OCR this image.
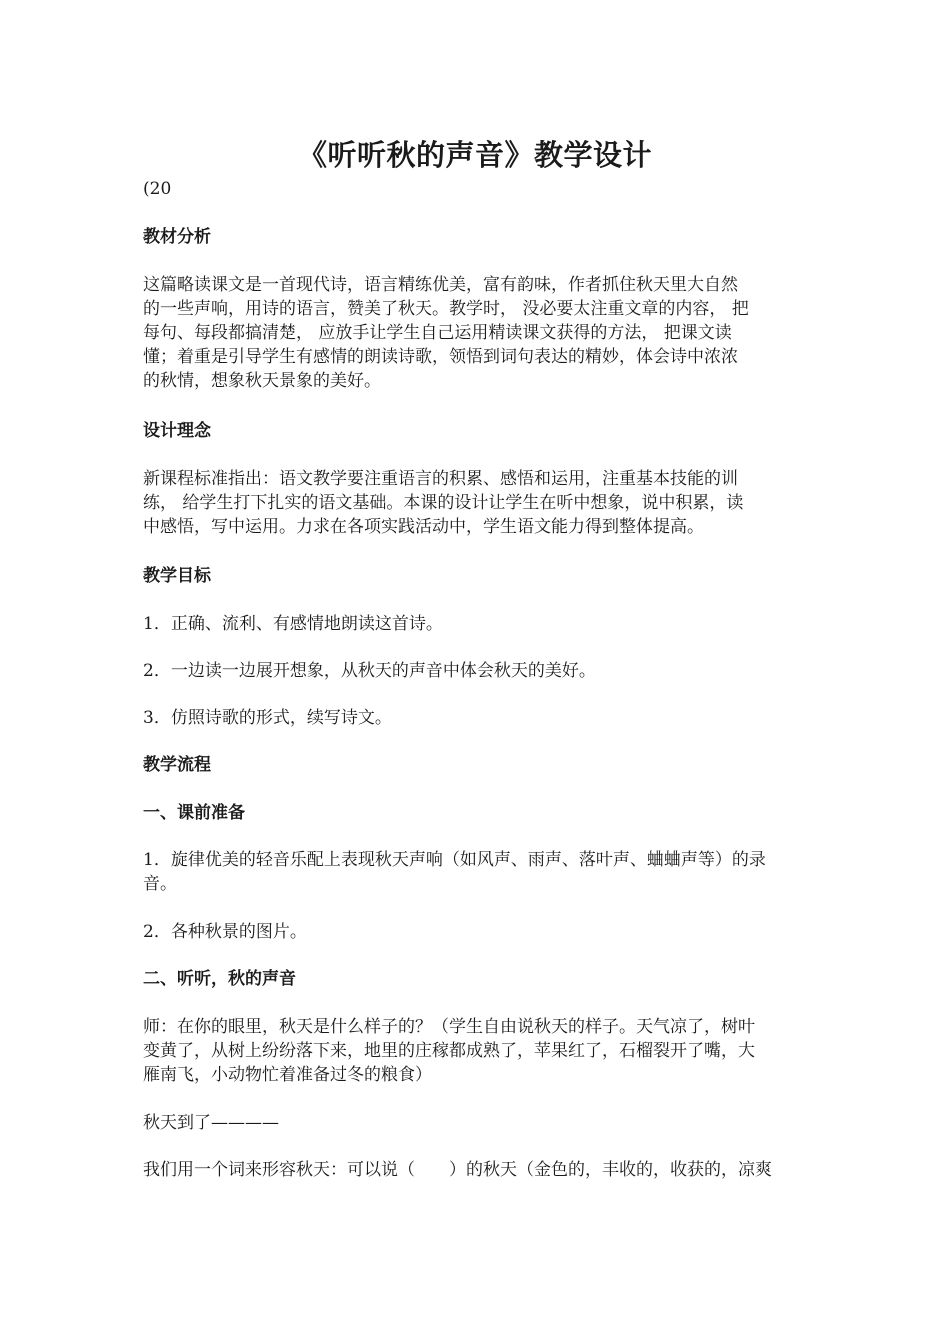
《听听秋的声音》教学设计
(20
教材分析
这篇略读课文是一首现代诗，语言精练优美，富有韵味，作者抓住秋天里大自然
的一些声响，用诗的语言，赞美了秋天。教学时， 没必要太注重文章的内容， 把
每句、每段都搞清楚， 应放手让学生自己运用精读课文获得的方法， 把课文读
懂；着重是引导学生有感情的朗读诗歌，领悟到词句表达的精妙，体会诗中浓浓
的秋情，想象秋天景象的美好。
设计理念
新课程标准指出：语文教学要注重语言的积累、感悟和运用，注重基本技能的训
练， 给学生打下扎实的语文基础。本课的设计让学生在听中想象，说中积累，读
中感悟，写中运用。力求在各项实践活动中，学生语文能力得到整体提高。
教学目标
1．正确、流利、有感情地朗读这首诗。
2．一边读一边展开想象，从秋天的声音中体会秋天的美好。
3．仿照诗歌的形式，续写诗文。
教学流程
一、课前准备
1．旋律优美的轻音乐配上表现秋天声响（如风声、雨声、落叶声、蛐蛐声等）的录
音。
2．各种秋景的图片。
二、听听，秋的声音
师：在你的眼里，秋天是什么样子的？（学生自由说秋天的样子。天气凉了，树叶
变黄了，从树上纷纷落下来，地里的庄稼都成熟了，苹果红了，石榴裂开了嘴，大
雁南飞，小动物忙着准备过冬的粮食）
秋天到了————
我们用一个词来形容秋天：可以说（　　）的秋天（金色的，丰收的，收获的，凉爽
